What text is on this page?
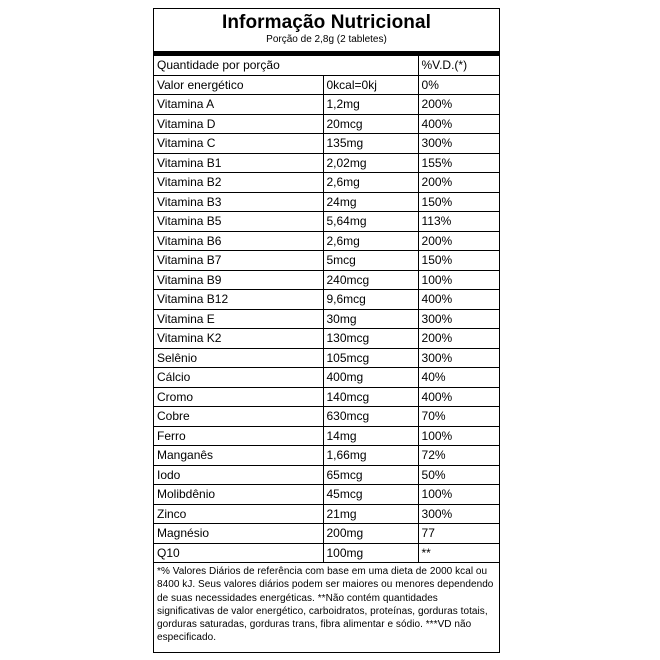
Informação Nutricional
Porção de 2,8g (2 tabletes)
Quantidade por porção		%V.D.(*)
Valor energético	0kcal=0kj	0%
Vitamina A	1,2mg	200%
Vitamina D	20mcg	400%
Vitamina C	135mg	300%
Vitamina B1	2,02mg	155%
Vitamina B2	2,6mg	200%
Vitamina B3	24mg	150%
Vitamina B5	5,64mg	113%
Vitamina B6	2,6mg	200%
Vitamina B7	5mcg	150%
Vitamina B9	240mcg	100%
Vitamina B12	9,6mcg	400%
Vitamina E	30mg	300%
Vitamina K2	130mcg	200%
Selênio	105mcg	300%
Cálcio	400mg	40%
Cromo	140mcg	400%
Cobre	630mcg	70%
Ferro	14mg	100%
Manganês	1,66mg	72%
Iodo	65mcg	50%
Molibdênio	45mcg	100%
Zinco	21mg	300%
Magnésio	200mg	77
Q10	100mg	**
*% Valores Diários de referência com base em uma dieta de 2000 kcal ou 8400 kJ. Seus valores diários podem ser maiores ou menores dependendo de suas necessidades energéticas. **Não contém quantidades significativas de valor energético, carboidratos, proteínas, gorduras totais, gorduras saturadas, gorduras trans, fibra alimentar e sódio. ***VD não especificado.
